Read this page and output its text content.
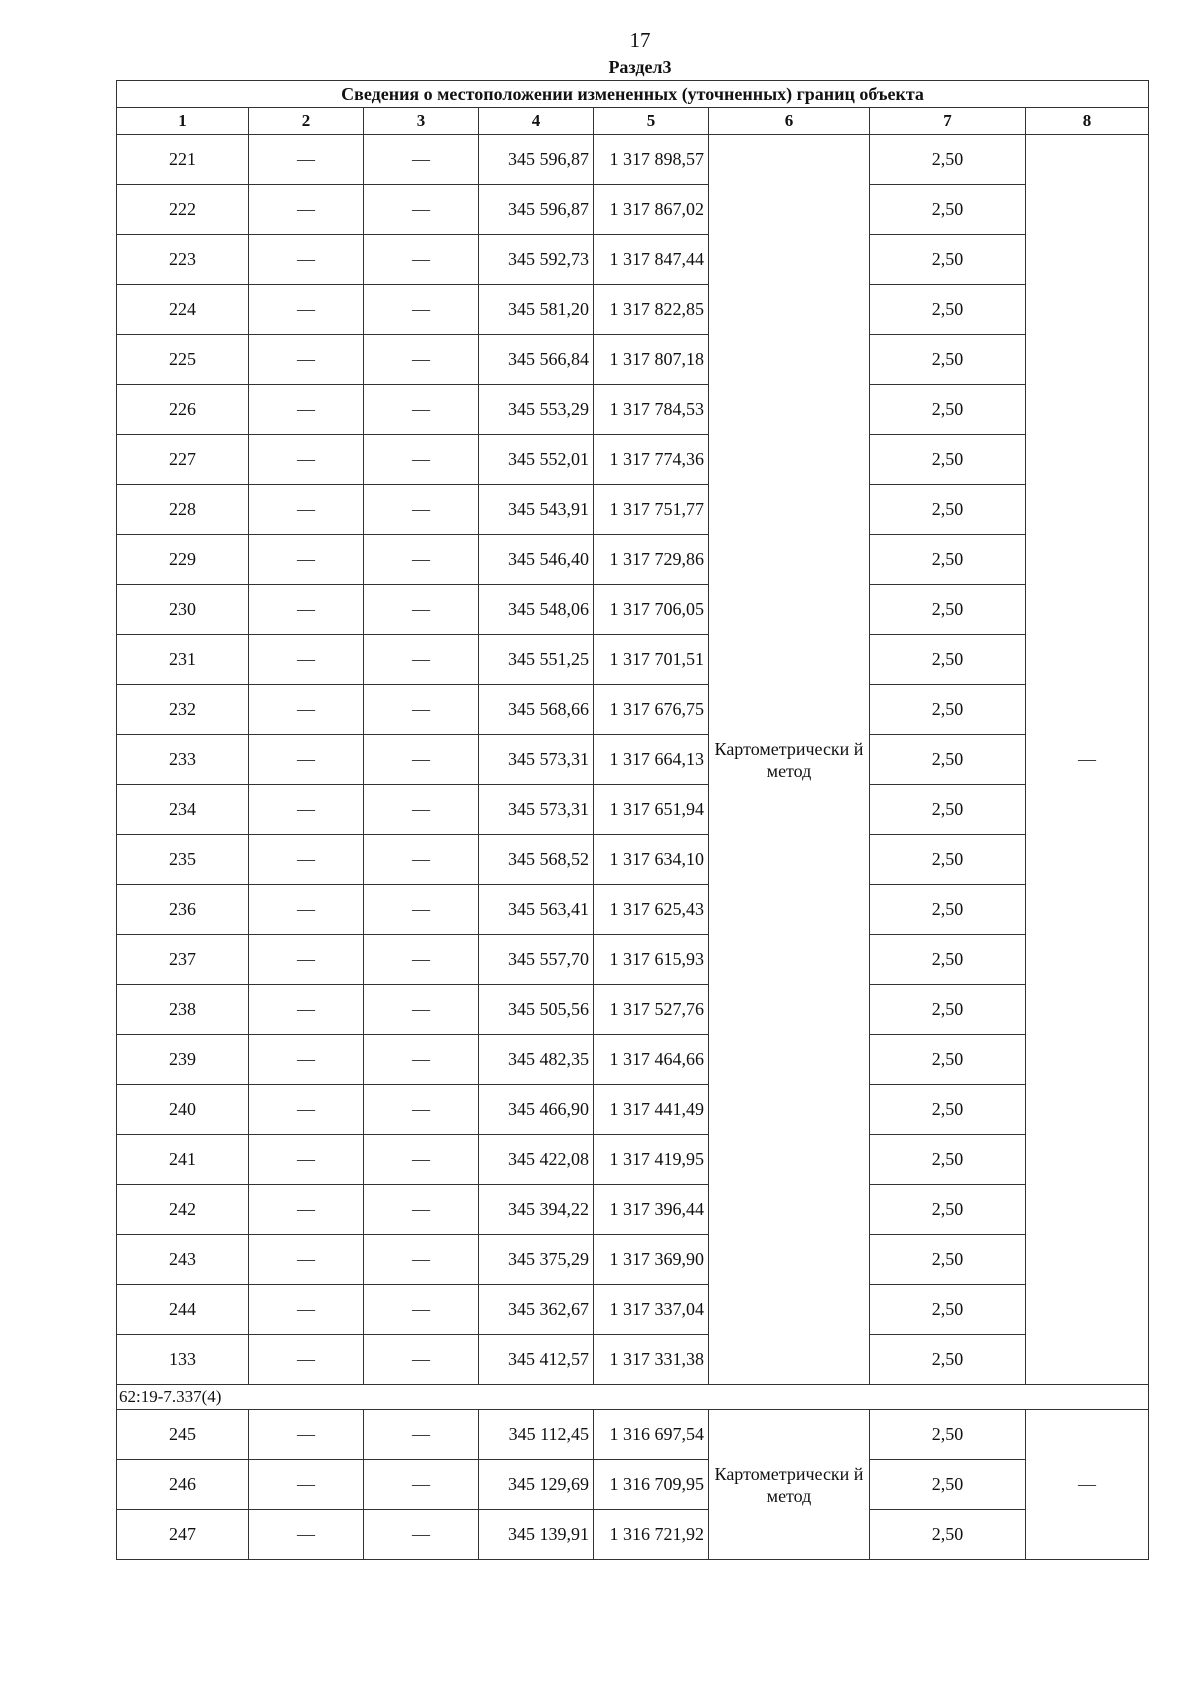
17
Раздел3
Сведения о местоположении измененных (уточненных) границ объекта							
1	2	3	4	5	6	7	8
221	—	—	345 596,87	1 317 898,57	Картометрически й метод	2,50	—
222	—	—	345 596,87	1 317 867,02		2,50	
223	—	—	345 592,73	1 317 847,44		2,50	
224	—	—	345 581,20	1 317 822,85		2,50	
225	—	—	345 566,84	1 317 807,18		2,50	
226	—	—	345 553,29	1 317 784,53		2,50	
227	—	—	345 552,01	1 317 774,36		2,50	
228	—	—	345 543,91	1 317 751,77		2,50	
229	—	—	345 546,40	1 317 729,86		2,50	
230	—	—	345 548,06	1 317 706,05		2,50	
231	—	—	345 551,25	1 317 701,51		2,50	
232	—	—	345 568,66	1 317 676,75		2,50	
233	—	—	345 573,31	1 317 664,13		2,50	
234	—	—	345 573,31	1 317 651,94		2,50	
235	—	—	345 568,52	1 317 634,10		2,50	
236	—	—	345 563,41	1 317 625,43		2,50	
237	—	—	345 557,70	1 317 615,93		2,50	
238	—	—	345 505,56	1 317 527,76		2,50	
239	—	—	345 482,35	1 317 464,66		2,50	
240	—	—	345 466,90	1 317 441,49		2,50	
241	—	—	345 422,08	1 317 419,95		2,50	
242	—	—	345 394,22	1 317 396,44		2,50	
243	—	—	345 375,29	1 317 369,90		2,50	
244	—	—	345 362,67	1 317 337,04		2,50	
133	—	—	345 412,57	1 317 331,38		2,50	
62:19-7.337(4)							
245	—	—	345 112,45	1 316 697,54	Картометрически й метод	2,50	—
246	—	—	345 129,69	1 316 709,95		2,50	
247	—	—	345 139,91	1 316 721,92		2,50	
